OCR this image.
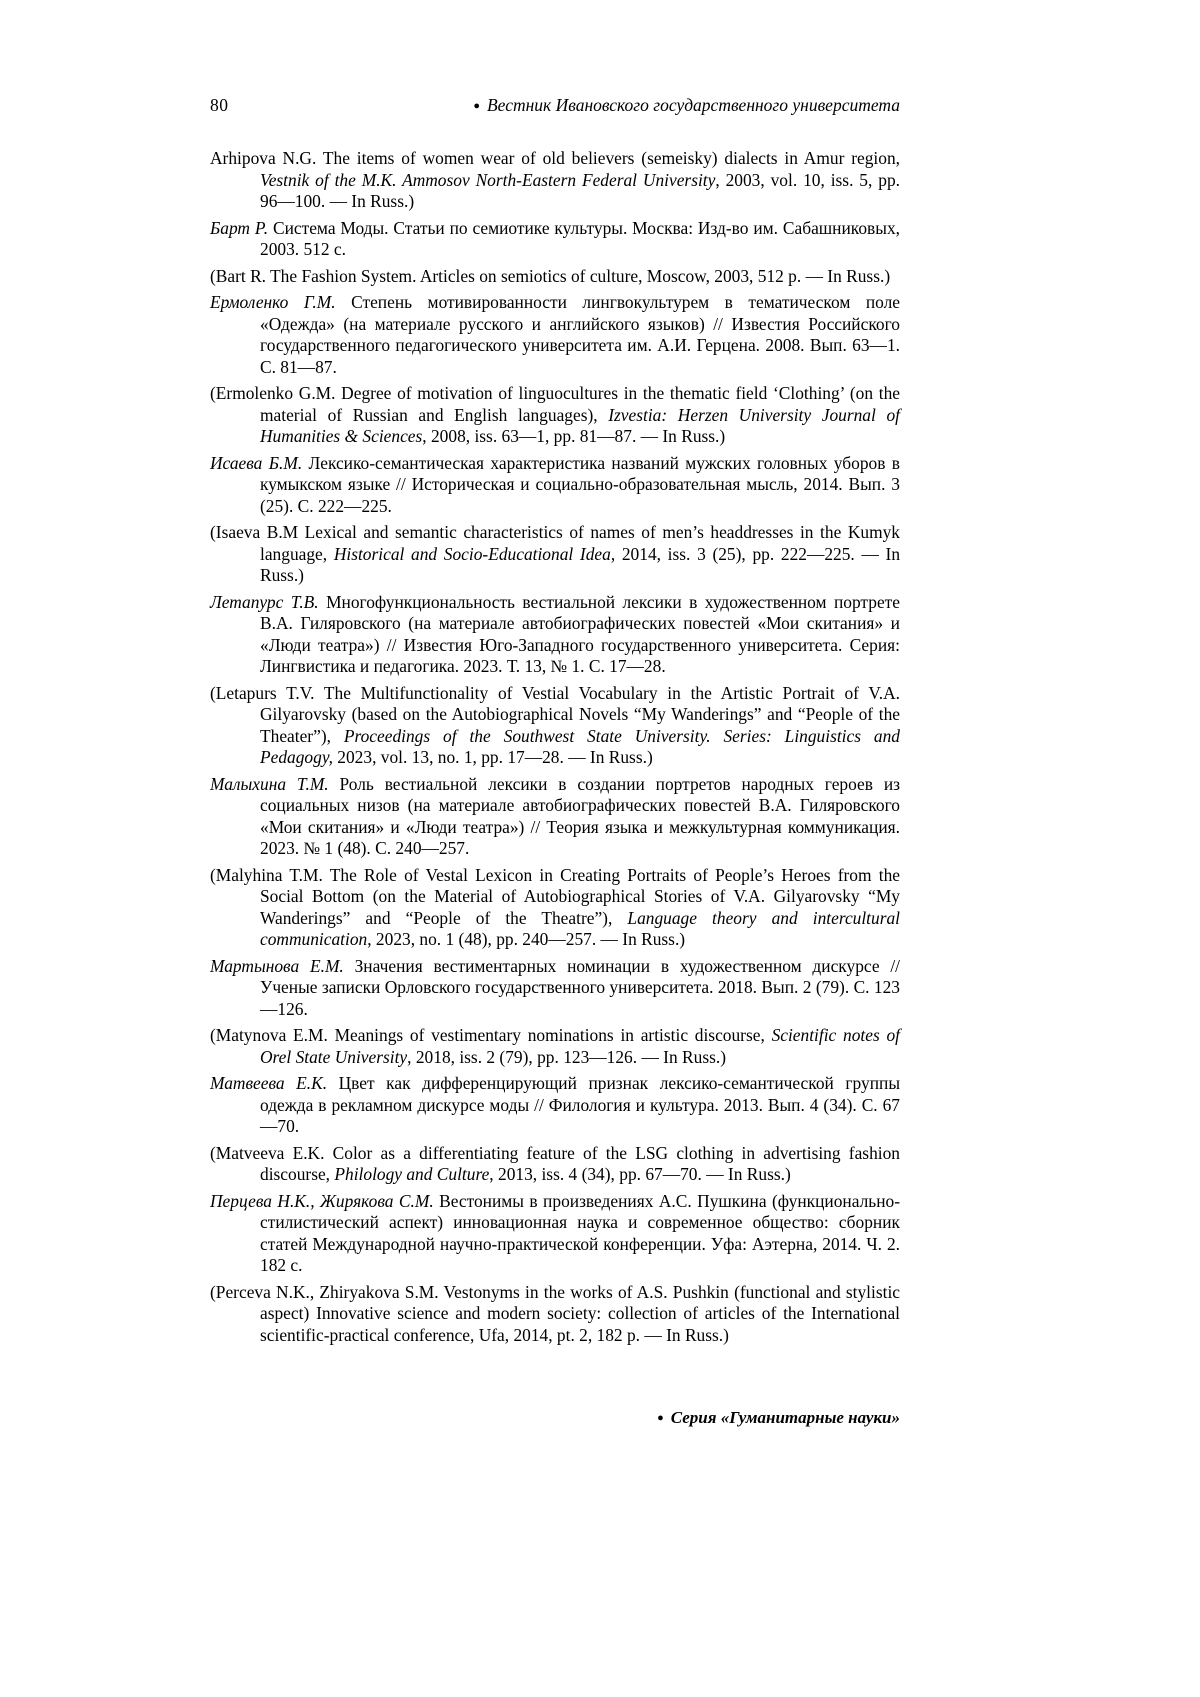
80	● Вестник Ивановского государственного университета

Arhipova N.G. The items of women wear of old believers (semeisky) dialects in Amur region, Vestnik of the M.K. Ammosov North-Eastern Federal University, 2003, vol. 10, iss. 5, pp. 96—100. — In Russ.)

Барт Р. Система Моды. Статьи по семиотике культуры. Москва: Изд-во им. Сабашниковых, 2003. 512 с.

(Bart R. The Fashion System. Articles on semiotics of culture, Moscow, 2003, 512 p. — In Russ.)

Ермоленко Г.М. Степень мотивированности лингвокультурем в тематическом поле «Одежда» (на материале русского и английского языков) // Известия Российского государственного педагогического университета им. А.И. Герцена. 2008. Вып. 63—1. С. 81—87.

(Ermolenko G.M. Degree of motivation of linguocultures in the thematic field ‘Clothing’ (on the material of Russian and English languages), Izvestia: Herzen University Journal of Humanities & Sciences, 2008, iss. 63—1, pp. 81—87. — In Russ.)

Исаева Б.М. Лексико-семантическая характеристика названий мужских головных уборов в кумыкском языке // Историческая и социально-образовательная мысль, 2014. Вып. 3 (25). С. 222—225.

(Isaeva B.M Lexical and semantic characteristics of names of men’s headdresses in the Kumyk language, Historical and Socio-Educational Idea, 2014, iss. 3 (25), pp. 222—225. — In Russ.)

Летапурс Т.В. Многофункциональность вестиальной лексики в художественном портрете В.А. Гиляровского (на материале автобиографических повестей «Мои скитания» и «Люди театра») // Известия Юго-Западного государственного университета. Серия: Лингвистика и педагогика. 2023. Т. 13, № 1. С. 17—28.

(Letapurs T.V. The Multifunctionality of Vestial Vocabulary in the Artistic Portrait of V.A. Gilyarovsky (based on the Autobiographical Novels “My Wanderings” and “People of the Theater”), Proceedings of the Southwest State University. Series: Linguistics and Pedagogy, 2023, vol. 13, no. 1, pp. 17—28. — In Russ.)

Малыхина Т.М. Роль вестиальной лексики в создании портретов народных героев из социальных низов (на материале автобиографических повестей В.А. Гиляровского «Мои скитания» и «Люди театра») // Теория языка и межкультурная коммуникация. 2023. № 1 (48). С. 240—257.

(Malyhina T.M. The Role of Vestal Lexicon in Creating Portraits of People’s Heroes from the Social Bottom (on the Material of Autobiographical Stories of V.A. Gilyarovsky “My Wanderings” and “People of the Theatre”), Language theory and intercultural communication, 2023, no. 1 (48), pp. 240—257. — In Russ.)

Мартынова Е.М. Значения вестиментарных номинации в художественном дискурсе // Ученые записки Орловского государственного университета. 2018. Вып. 2 (79). С. 123—126.

(Matynova E.M. Meanings of vestimentary nominations in artistic discourse, Scientific notes of Orel State University, 2018, iss. 2 (79), pp. 123—126. — In Russ.)

Матвеева Е.К. Цвет как дифференцирующий признак лексико-семантической группы одежда в рекламном дискурсе моды // Филология и культура. 2013. Вып. 4 (34). С. 67—70.

(Matveeva E.K. Color as a differentiating feature of the LSG clothing in advertising fashion discourse, Philology and Culture, 2013, iss. 4 (34), pp. 67—70. — In Russ.)

Перцева Н.К., Жирякова С.М. Вестонимы в произведениях А.С. Пушкина (функционально-стилистический аспект) инновационная наука и современное общество: сборник статей Международной научно-практической конференции. Уфа: Аэтерна, 2014. Ч. 2. 182 с.

(Perceva N.K., Zhiryakova S.M. Vestonyms in the works of A.S. Pushkin (functional and stylistic aspect) Innovative science and modern society: collection of articles of the International scientific-practical conference, Ufa, 2014, pt. 2, 182 p. — In Russ.)

● Серия «Гуманитарные науки»
